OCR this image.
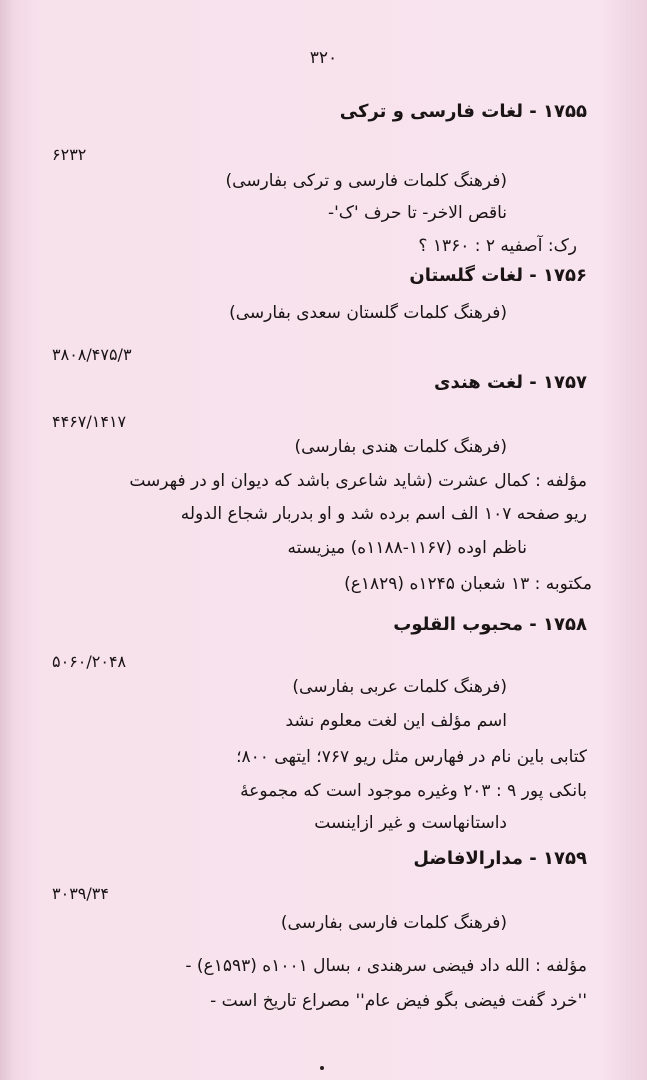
۳۲۰
۱۷۵۵ - لغات فارسی و ترکی
۶۲۳۲
(فرهنگ کلمات فارسی و ترکی بفارسی)
ناقص الاخر- تا حرف 'ک'-
رک: آصفیه ۲ : ۱۳۶۰ ؟
۱۷۵۶ - لغات گلستان
(فرهنگ کلمات گلستان سعدی بفارسی)
۳۸۰۸/۴۷۵/۳
۱۷۵۷ - لغت هندی
۴۴۶۷/۱۴۱۷
(فرهنگ کلمات هندی بفارسی)
مؤلفه : کمال عشرت (شاید شاعری باشد که دیوان او در فهرست
ریو صفحه ۱۰۷ الف اسم برده شد و او بدربار شجاع الدوله
ناظم اوده (۱۱۶۷-۱۱۸۸ه) میزیسته
مکتوبه : ۱۳ شعبان ۱۲۴۵ه (۱۸۲۹ع)
۱۷۵۸ - محبوب القلوب
۵۰۶۰/۲۰۴۸
(فرهنگ کلمات عربی بفارسی)
اسم مؤلف این لغت معلوم نشد
کتابی باین نام در فهارس مثل ریو ۷۶۷؛ ایتهی ۸۰۰؛
بانکی پور ۹ : ۲۰۳ وغیره موجود است که مجموعهٔ
داستانهاست و غیر ازاینست
۱۷۵۹ - مدارالافاضل
۳۰۳۹/۳۴
(فرهنگ کلمات فارسی بفارسی)
مؤلفه : الله داد فیضی سرهندی ، بسال ۱۰۰۱ه (۱۵۹۳ع) -
''خرد گفت فیضی بگو فیض عام'' مصراع تاریخ است -
